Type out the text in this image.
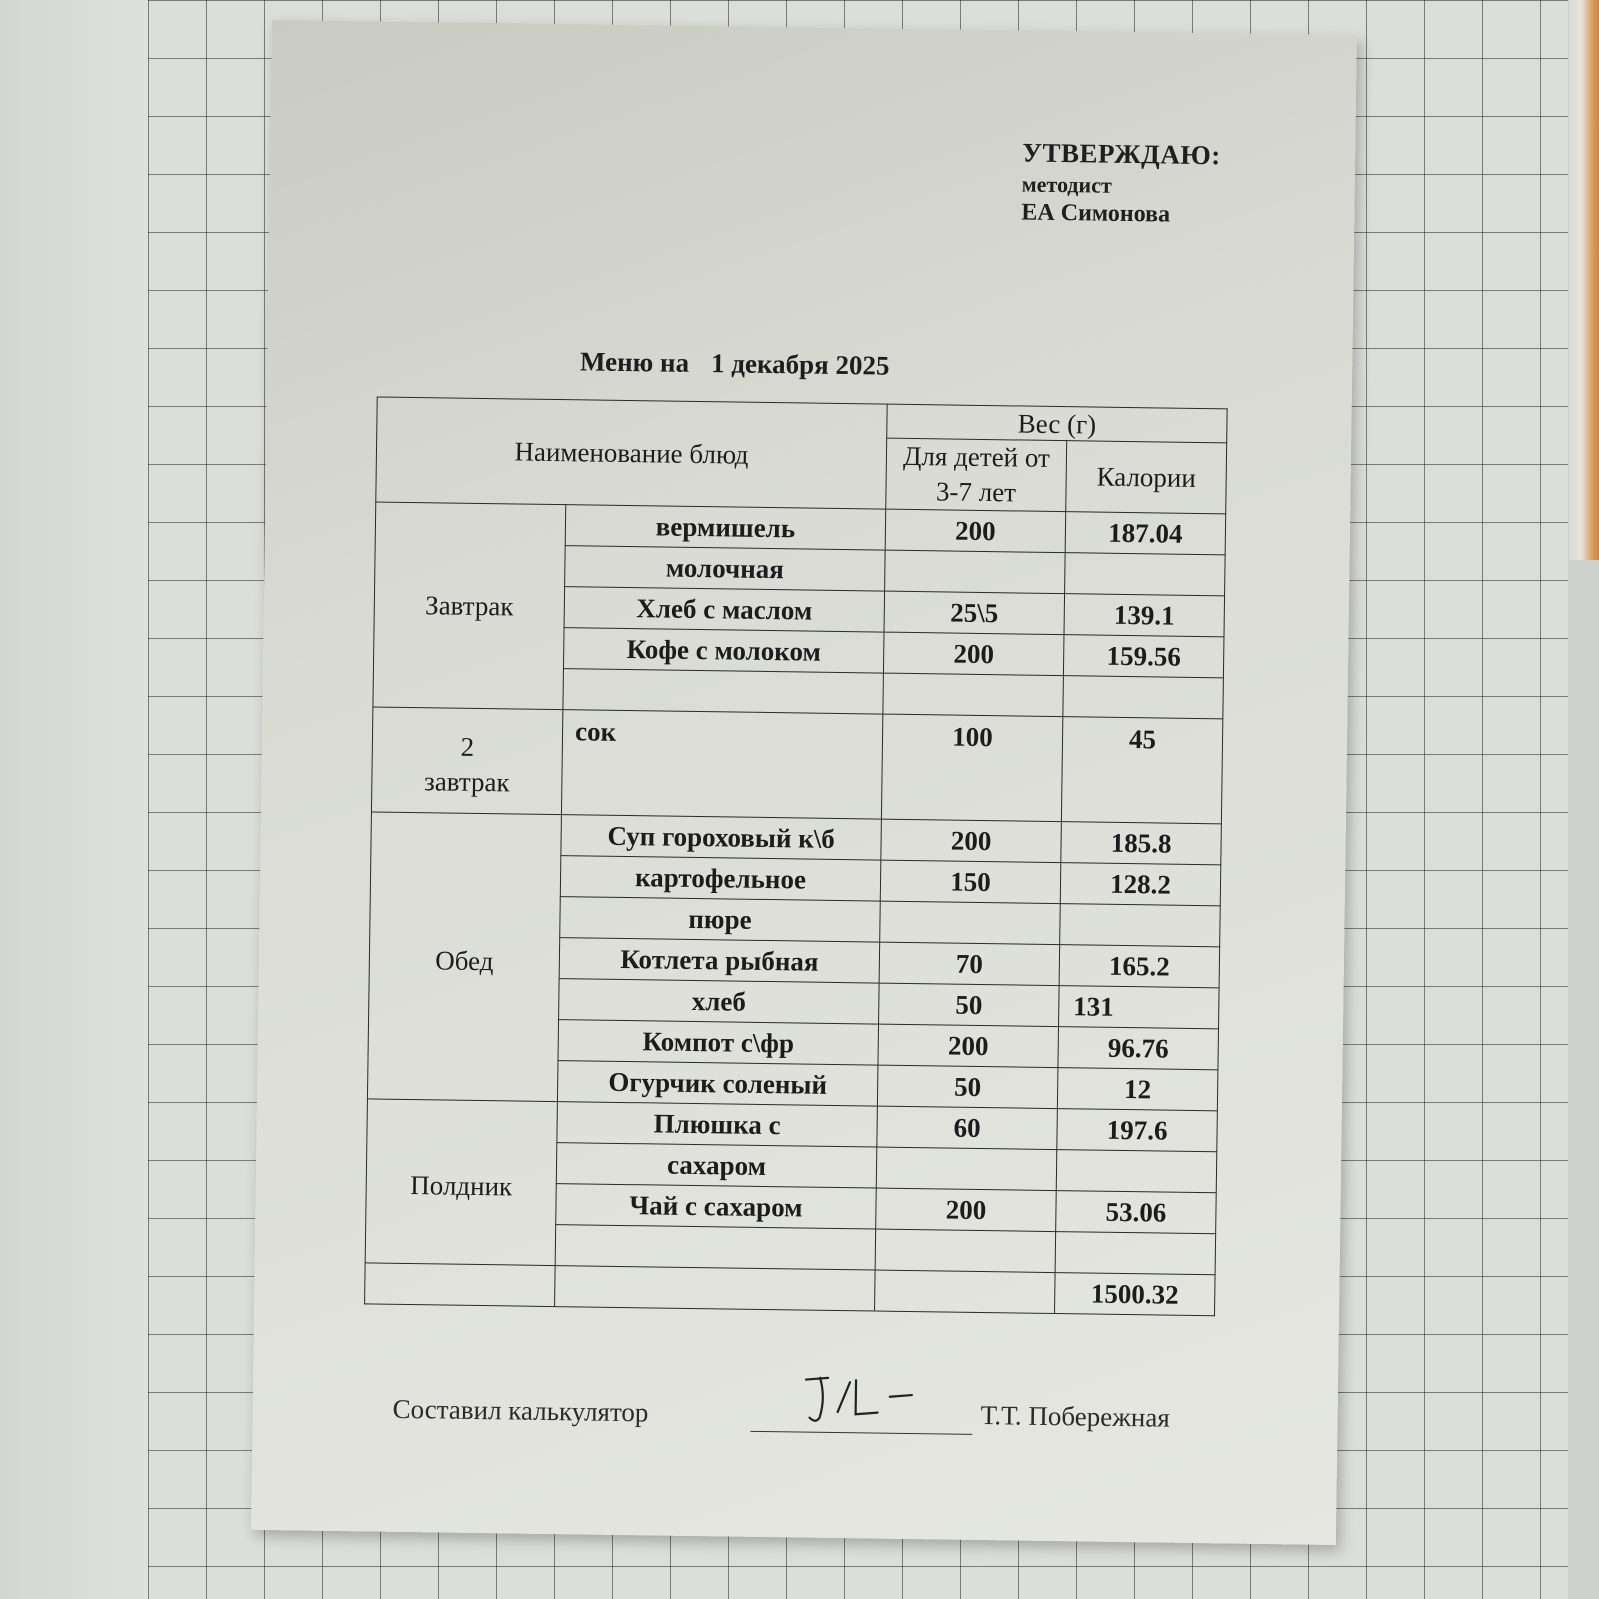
УТВЕРЖДАЮ:
методист
ЕА Симонова
Меню на 1 декабря 2025
Наименование блюд		Вес (г)	
		Для детей от 3-7 лет	Калории
Завтрак	вермишель	200	187.04
	молочная		
	Хлеб с маслом	25\5	139.1
	Кофе с молоком	200	159.56

2
завтрак	сок	100	45
Обед	Суп гороховый к\б	200	185.8
	картофельное	150	128.2
	пюре		
	Котлета рыбная	70	165.2
	хлеб	50	131
	Компот с\фр	200	96.76
	Огурчик соленый	50	12
Полдник	Плюшка с	60	197.6
	сахаром		
	Чай с сахаром	200	53.06

			1500.32
Составил калькулятор	Т.Т. Побережная
